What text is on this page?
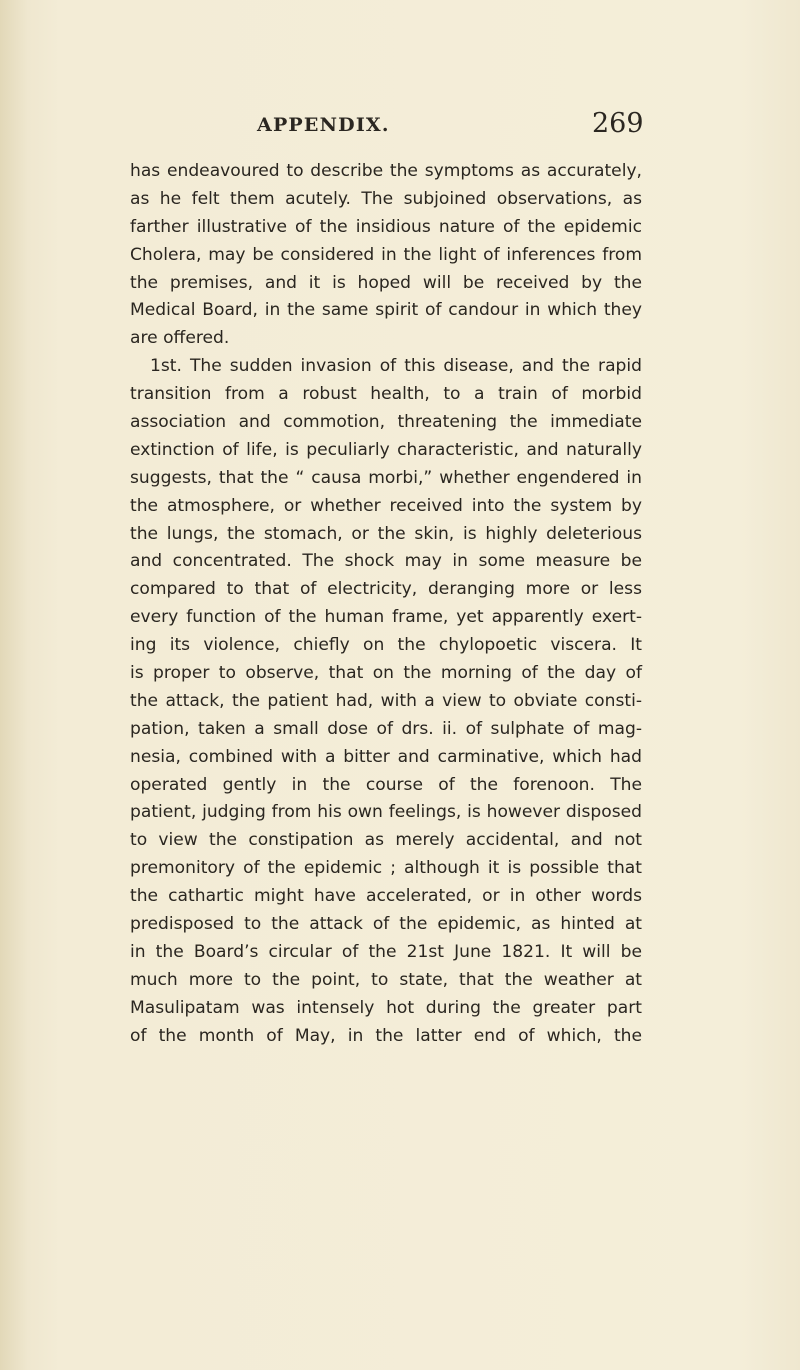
APPENDIX.	269
has endeavoured to describe the symptoms as accurately,
as he felt them acutely. The subjoined observations, as
farther illustrative of the insidious nature of the epidemic
Cholera, may be considered in the light of inferences from
the premises, and it is hoped will be received by the
Medical Board, in the same spirit of candour in which they
are offered.
1st. The sudden invasion of this disease, and the rapid
transition from a robust health, to a train of morbid
association and commotion, threatening the immediate
extinction of life, is peculiarly characteristic, and naturally
suggests, that the “ causa morbi,” whether engendered in
the atmosphere, or whether received into the system by
the lungs, the stomach, or the skin, is highly deleterious
and concentrated. The shock may in some measure be
compared to that of electricity, deranging more or less
every function of the human frame, yet apparently exert-
ing its violence, chiefly on the chylopoetic viscera. It
is proper to observe, that on the morning of the day of
the attack, the patient had, with a view to obviate consti-
pation, taken a small dose of drs. ii. of sulphate of mag-
nesia, combined with a bitter and carminative, which had
operated gently in the course of the forenoon. The
patient, judging from his own feelings, is however disposed
to view the constipation as merely accidental, and not
premonitory of the epidemic ; although it is possible that
the cathartic might have accelerated, or in other words
predisposed to the attack of the epidemic, as hinted at
in the Board’s circular of the 21st June 1821. It will be
much more to the point, to state, that the weather at
Masulipatam was intensely hot during the greater part
of the month of May, in the latter end of which, the
